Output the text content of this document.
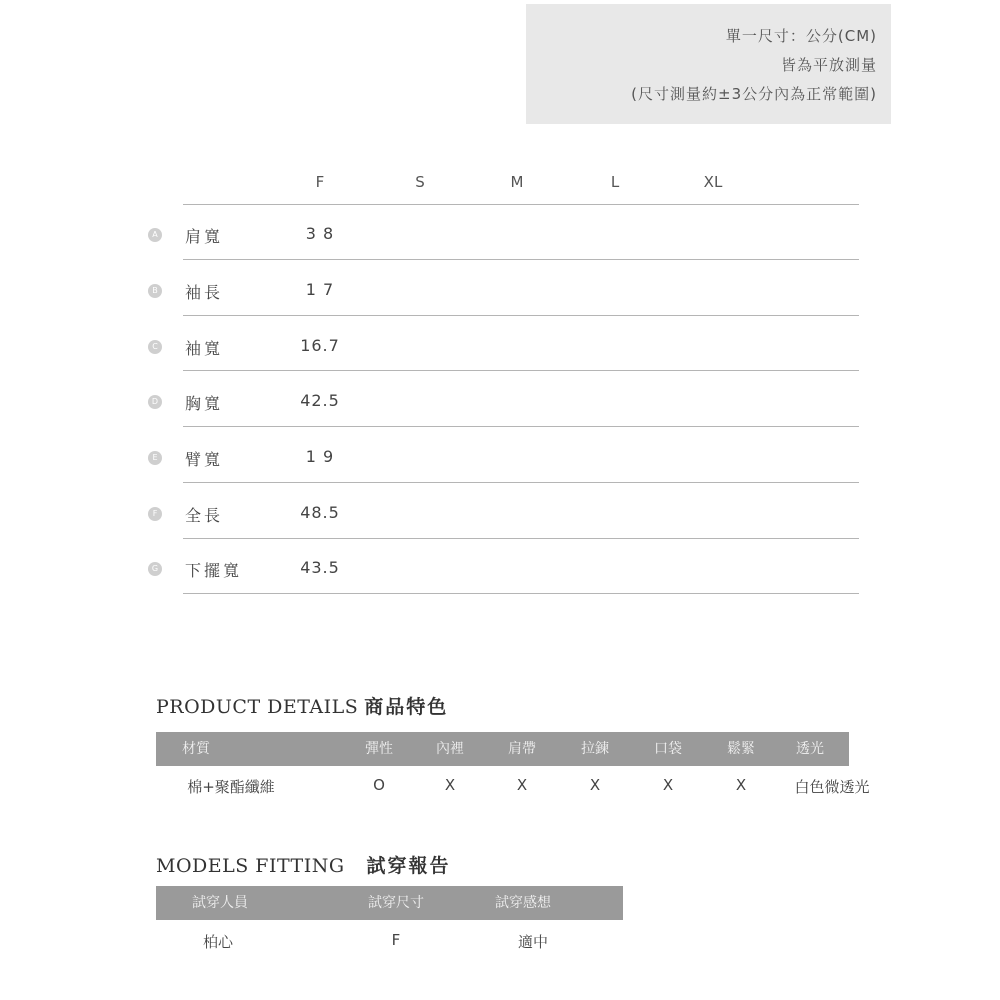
單一尺寸：公分(CM)
皆為平放測量
(尺寸測量約±3公分內為正常範圍)
F	S	M	L	XL
A 肩寬	3 8
B 袖長	1 7
C 袖寬	16.7
D 胸寬	42.5
E 臂寬	1 9
F 全長	48.5
G 下擺寬	43.5
PRODUCT DETAILS 商品特色
材質	彈性	內裡	肩帶	拉鍊	口袋	鬆緊	透光
棉+聚酯纖維	O	X	X	X	X	X	白色微透光
MODELS FITTING 試穿報告
試穿人員	試穿尺寸	試穿感想
柏心	F	適中
